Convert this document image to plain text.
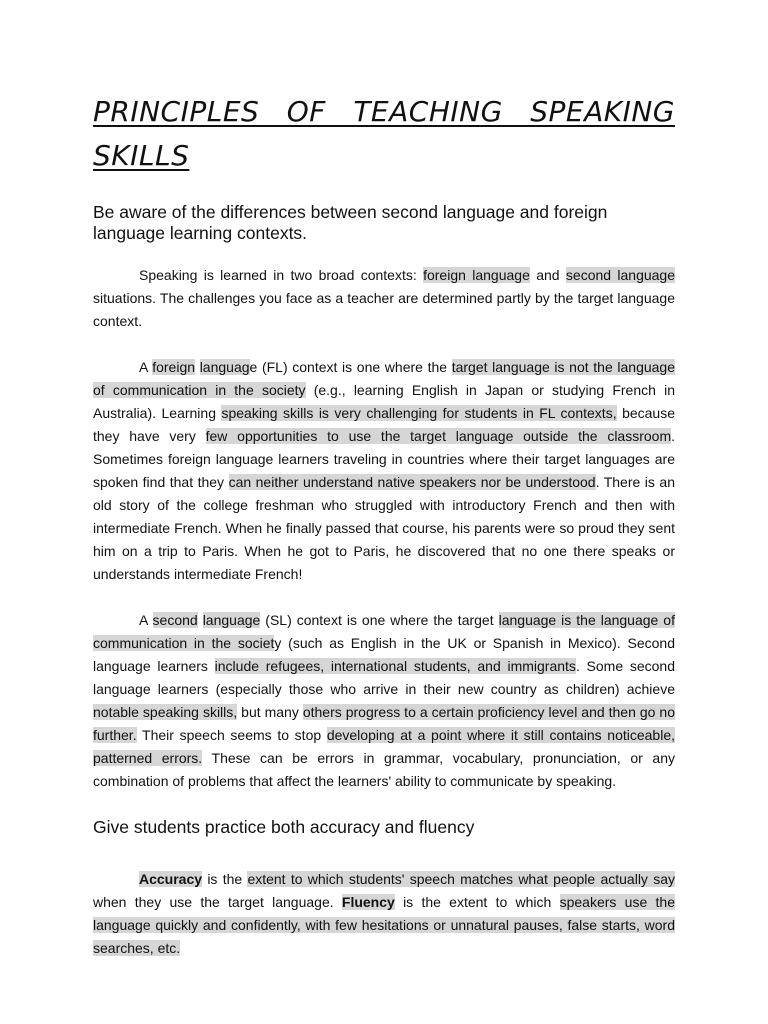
PRINCIPLES OF TEACHING SPEAKING SKILLS
Be aware of the differences between second language and foreign language learning contexts.

Speaking is learned in two broad contexts: foreign language and second language situations. The challenges you face as a teacher are determined partly by the target language context.

A foreign language (FL) context is one where the target language is not the language of communication in the society (e.g., learning English in Japan or studying French in Australia). Learning speaking skills is very challenging for students in FL contexts, because they have very few opportunities to use the target language outside the classroom. Sometimes foreign language learners traveling in countries where their target languages are spoken find that they can neither understand native speakers nor be understood. There is an old story of the college freshman who struggled with introductory French and then with intermediate French. When he finally passed that course, his parents were so proud they sent him on a trip to Paris. When he got to Paris, he discovered that no one there speaks or understands intermediate French!

A second language (SL) context is one where the target language is the language of communication in the society (such as English in the UK or Spanish in Mexico). Second language learners include refugees, international students, and immigrants. Some second language learners (especially those who arrive in their new country as children) achieve notable speaking skills, but many others progress to a certain proficiency level and then go no further. Their speech seems to stop developing at a point where it still contains noticeable, patterned errors. These can be errors in grammar, vocabulary, pronunciation, or any combination of problems that affect the learners' ability to communicate by speaking.

Give students practice both accuracy and fluency

Accuracy is the extent to which students' speech matches what people actually say when they use the target language. Fluency is the extent to which speakers use the language quickly and confidently, with few hesitations or unnatural pauses, false starts, word searches, etc.
